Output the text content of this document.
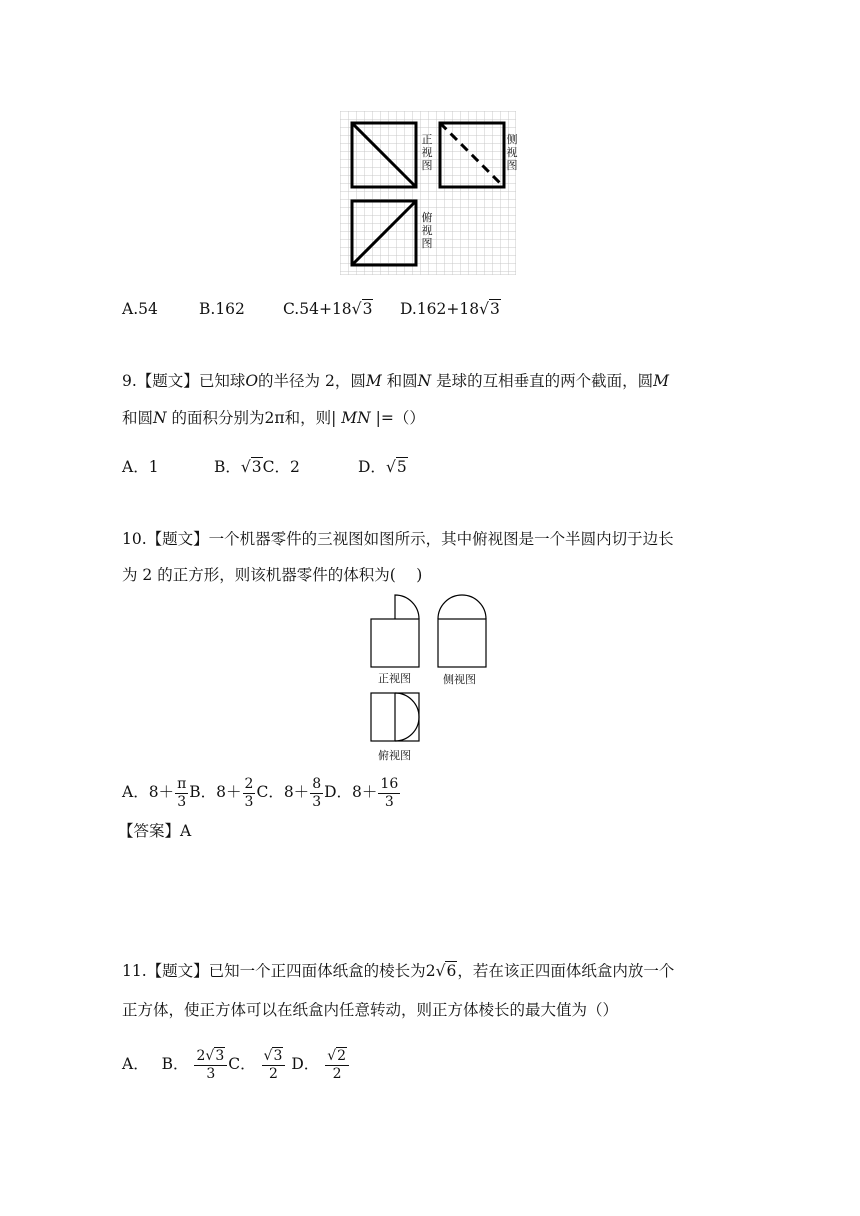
正视图
侧视图
俯视图
A.54	B.162 C.54+18√3 D.162+18√3
9.【题文】已知球O的半径为 2，圆M 和圆N 是球的互相垂直的两个截面，圆M
和圆N 的面积分别为2π和，则| MN |=（）
A．1	B．√3C．2	D．√5
10.【题文】一个机器零件的三视图如图所示，其中俯视图是一个半圆内切于边长
为 2 的正方形，则该机器零件的体积为(　 )
正视图	侧视图
俯视图
A．$8+ \frac{\pi}{3}$ B．$8+ \frac{2}{3}$ C．$8+ \frac{8}{3}$ D．$8+ \frac{16}{3}$
【答案】A
11.【题文】已知一个正四面体纸盒的棱长为2√6，若在该正四面体纸盒内放一个
正方体，使正方体可以在纸盒内任意转动，则正方体棱长的最大值为（）
A． B． $\frac{2√3}{3}$ C． $\frac{√3}{2}$ D． $\frac{√2}{2}$
